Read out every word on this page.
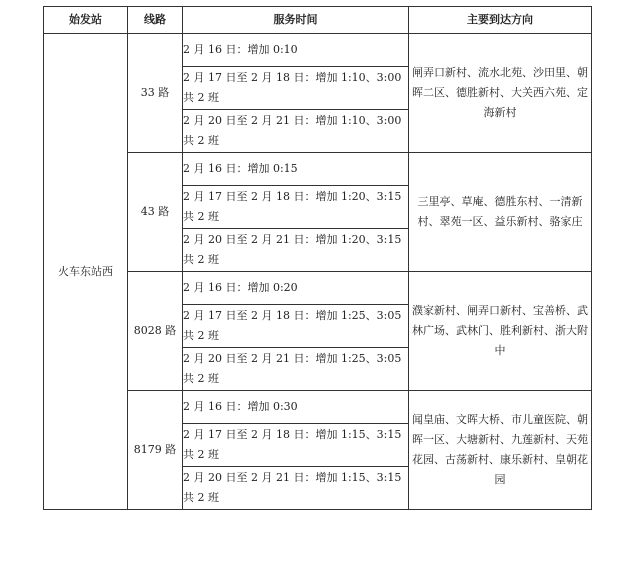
始发站	线路	服务时间	主要到达方向
火车东站西	33 路	2 月 16 日：增加 0:10	闸弄口新村、流水北苑、沙田里、朝晖二区、德胜新村、大关西六苑、定海新村
		2 月 17 日至 2 月 18 日：增加 1:10、3:00 共 2 班	
		2 月 20 日至 2 月 21 日：增加 1:10、3:00 共 2 班	
	43 路	2 月 16 日：增加 0:15	三里亭、草庵、德胜东村、一清新村、翠苑一区、益乐新村、骆家庄
		2 月 17 日至 2 月 18 日：增加 1:20、3:15 共 2 班	
		2 月 20 日至 2 月 21 日：增加 1:20、3:15 共 2 班	
	8028 路	2 月 16 日：增加 0:20	濮家新村、闸弄口新村、宝善桥、武林广场、武林门、胜利新村、浙大附中
		2 月 17 日至 2 月 18 日：增加 1:25、3:05 共 2 班	
		2 月 20 日至 2 月 21 日：增加 1:25、3:05 共 2 班	
	8179 路	2 月 16 日：增加 0:30	闻皇庙、文晖大桥、市儿童医院、朝晖一区、大塘新村、九莲新村、天苑花园、古荡新村、康乐新村、皇朝花园
		2 月 17 日至 2 月 18 日：增加 1:15、3:15 共 2 班	
		2 月 20 日至 2 月 21 日：增加 1:15、3:15 共 2 班	
